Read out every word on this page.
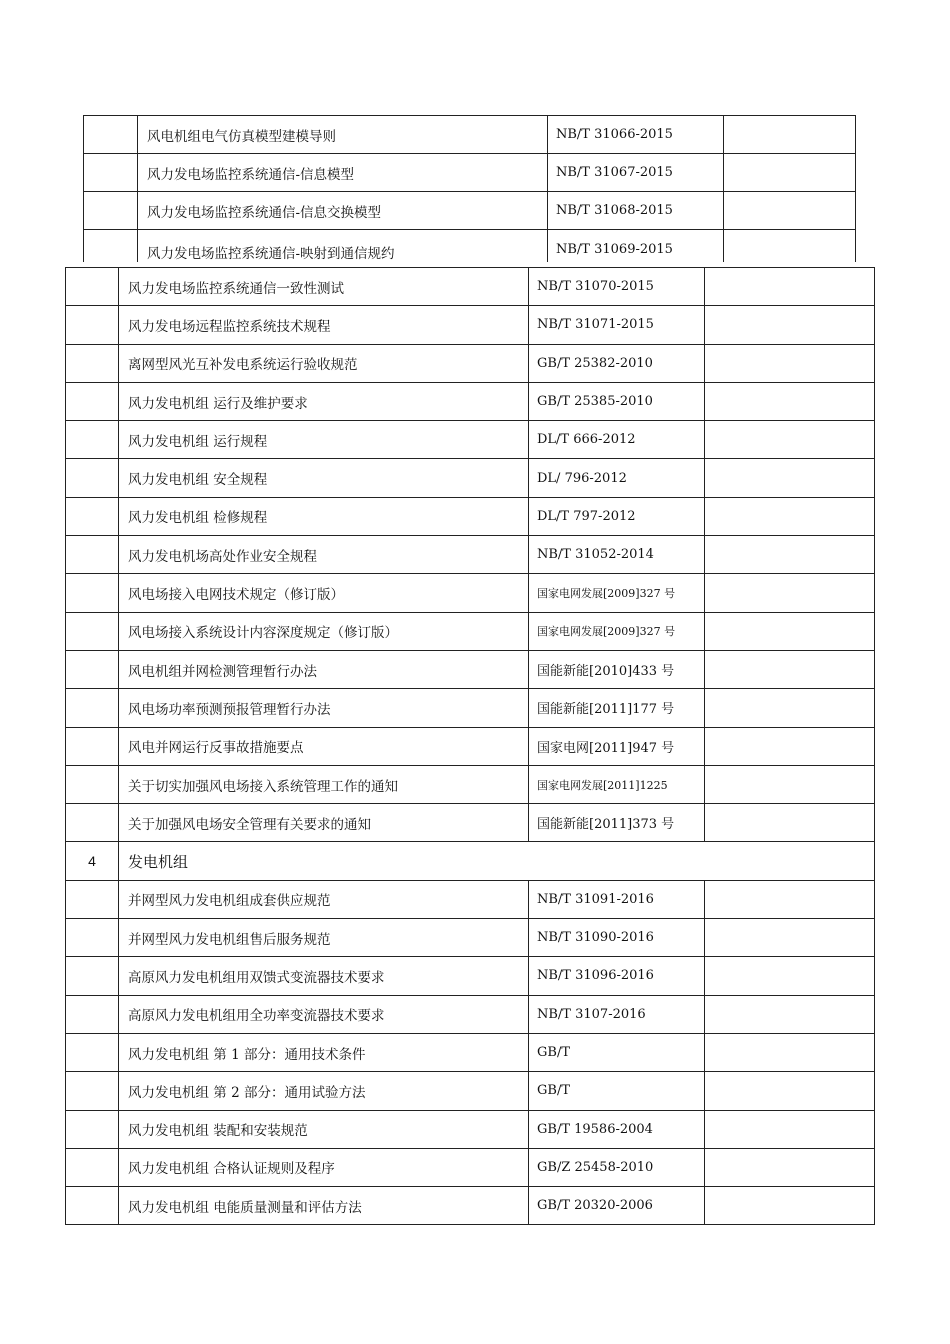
	风电机组电气仿真模型建模导则	NB/T 31066-2015	
	风力发电场监控系统通信-信息模型	NB/T 31067-2015	
	风力发电场监控系统通信-信息交换模型	NB/T 31068-2015	
	风力发电场监控系统通信-映射到通信规约	NB/T 31069-2015	
	风力发电场监控系统通信一致性测试	NB/T 31070-2015	
	风力发电场远程监控系统技术规程	NB/T 31071-2015	
	离网型风光互补发电系统运行验收规范	GB/T 25382-2010	
	风力发电机组 运行及维护要求	GB/T 25385-2010	
	风力发电机组 运行规程	DL/T 666-2012	
	风力发电机组 安全规程	DL/ 796-2012	
	风力发电机组 检修规程	DL/T 797-2012	
	风力发电机场高处作业安全规程	NB/T 31052-2014	
	风电场接入电网技术规定（修订版）	国家电网发展[2009]327 号	
	风电场接入系统设计内容深度规定（修订版）	国家电网发展[2009]327 号	
	风电机组并网检测管理暂行办法	国能新能[2010]433 号	
	风电场功率预测预报管理暂行办法	国能新能[2011]177 号	
	风电并网运行反事故措施要点	国家电网[2011]947 号	
	关于切实加强风电场接入系统管理工作的通知	国家电网发展[2011]1225	
	关于加强风电场安全管理有关要求的通知	国能新能[2011]373 号	
4	发电机组		
	并网型风力发电机组成套供应规范	NB/T 31091-2016	
	并网型风力发电机组售后服务规范	NB/T 31090-2016	
	高原风力发电机组用双馈式变流器技术要求	NB/T 31096-2016	
	高原风力发电机组用全功率变流器技术要求	NB/T 3107-2016	
	风力发电机组 第 1 部分：通用技术条件	GB/T	
	风力发电机组 第 2 部分：通用试验方法	GB/T	
	风力发电机组 装配和安装规范	GB/T 19586-2004	
	风力发电机组 合格认证规则及程序	GB/Z 25458-2010	
	风力发电机组 电能质量测量和评估方法	GB/T 20320-2006	
